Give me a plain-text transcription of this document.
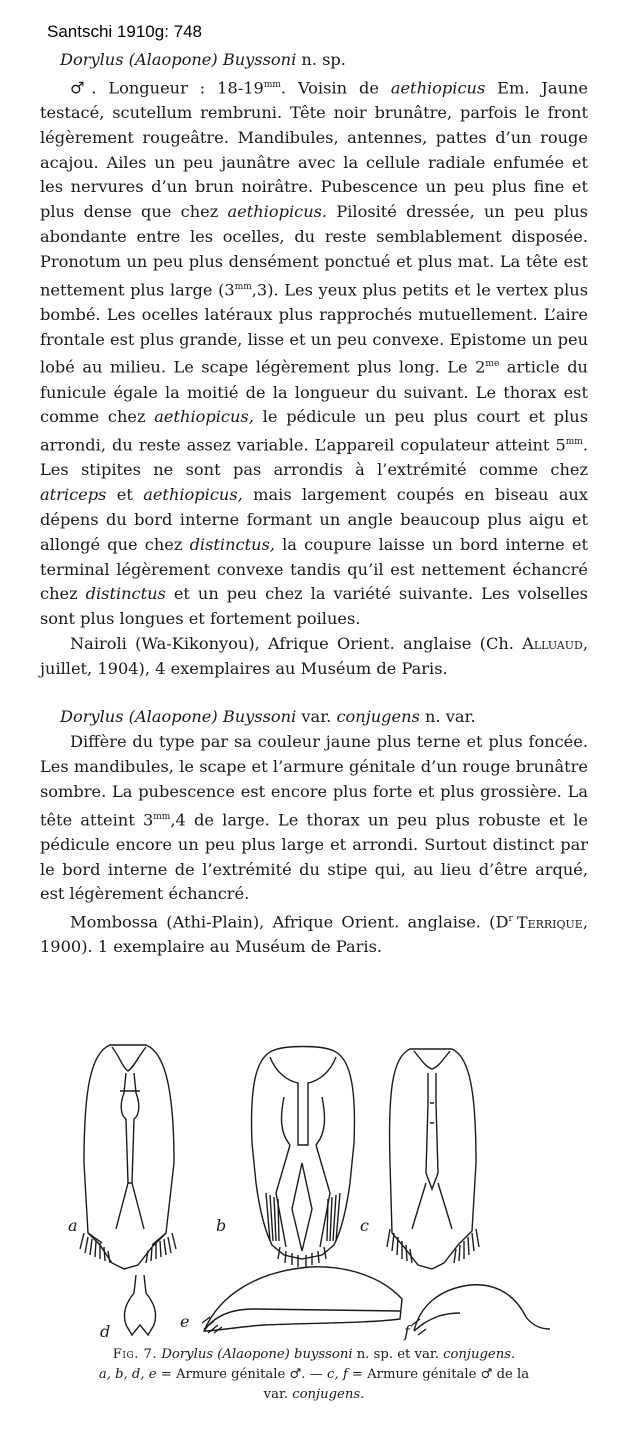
Santschi 1910g: 748

Dorylus (Alaopone) Buyssoni n. sp.

♂. Longueur : $18-19^{mm}$. Voisin de aethiopicus Em. Jaune testacé, scutellum rembruni. Tête noir brunâtre, parfois le front légèrement rougeâtre. Mandibules, antennes, pattes d’un rouge acajou. Ailes un peu jaunâtre avec la cellule radiale enfumée et les nervures d’un brun noirâtre. Pubescence un peu plus fine et plus dense que chez aethiopicus. Pilosité dressée, un peu plus abondante entre les ocelles, du reste semblablement disposée. Pronotum un peu plus densément ponctué et plus mat. La tête est nettement plus large $(3^{mm},3)$. Les yeux plus petits et le vertex plus bombé. Les ocelles latéraux plus rapprochés mutuellement. L’aire frontale est plus grande, lisse et un peu convexe. Epistome un peu lobé au milieu. Le scape légèrement plus long. Le $2^{me}$ article du funicule égale la moitié de la longueur du suivant. Le thorax est comme chez aethiopicus, le pédicule un peu plus court et plus arrondi, du reste assez variable. L’appareil copulateur atteint $5^{mm}$. Les stipites ne sont pas arrondis à l’extrémité comme chez atriceps et aethiopicus, mais largement coupés en biseau aux dépens du bord interne formant un angle beaucoup plus aigu et allongé que chez distinctus, la coupure laisse un bord interne et terminal légèrement convexe tandis qu’il est nettement échancré chez distinctus et un peu chez la variété suivante. Les volselles sont plus longues et fortement poilues.

Nairoli (Wa-Kikonyou), Afrique Orient. anglaise (Ch. Alluaud, juillet, 1904), 4 exemplaires au Muséum de Paris.

Dorylus (Alaopone) Buyssoni var. conjugens n. var.

Diffère du type par sa couleur jaune plus terne et plus foncée. Les mandibules, le scape et l’armure génitale d’un rouge brunâtre sombre. La pubescence est encore plus forte et plus grossière. La tête atteint $3^{mm},4$ de large. Le thorax un peu plus robuste et le pédicule encore un peu plus large et arrondi. Surtout distinct par le bord interne de l’extrémité du stipe qui, au lieu d’être arqué, est légèrement échancré.

Mombossa (Athi-Plain), Afrique Orient. anglaise. ($D^r$ Terrique, 1900). 1 exemplaire au Muséum de Paris.

a	b	c
d
e
f

Fig. 7. Dorylus (Alaopone) buyssoni n. sp. et var. conjugens.

a, b, d, e = Armure génitale ♂. — c, f = Armure génitale ♂ de la

var. conjugens.
